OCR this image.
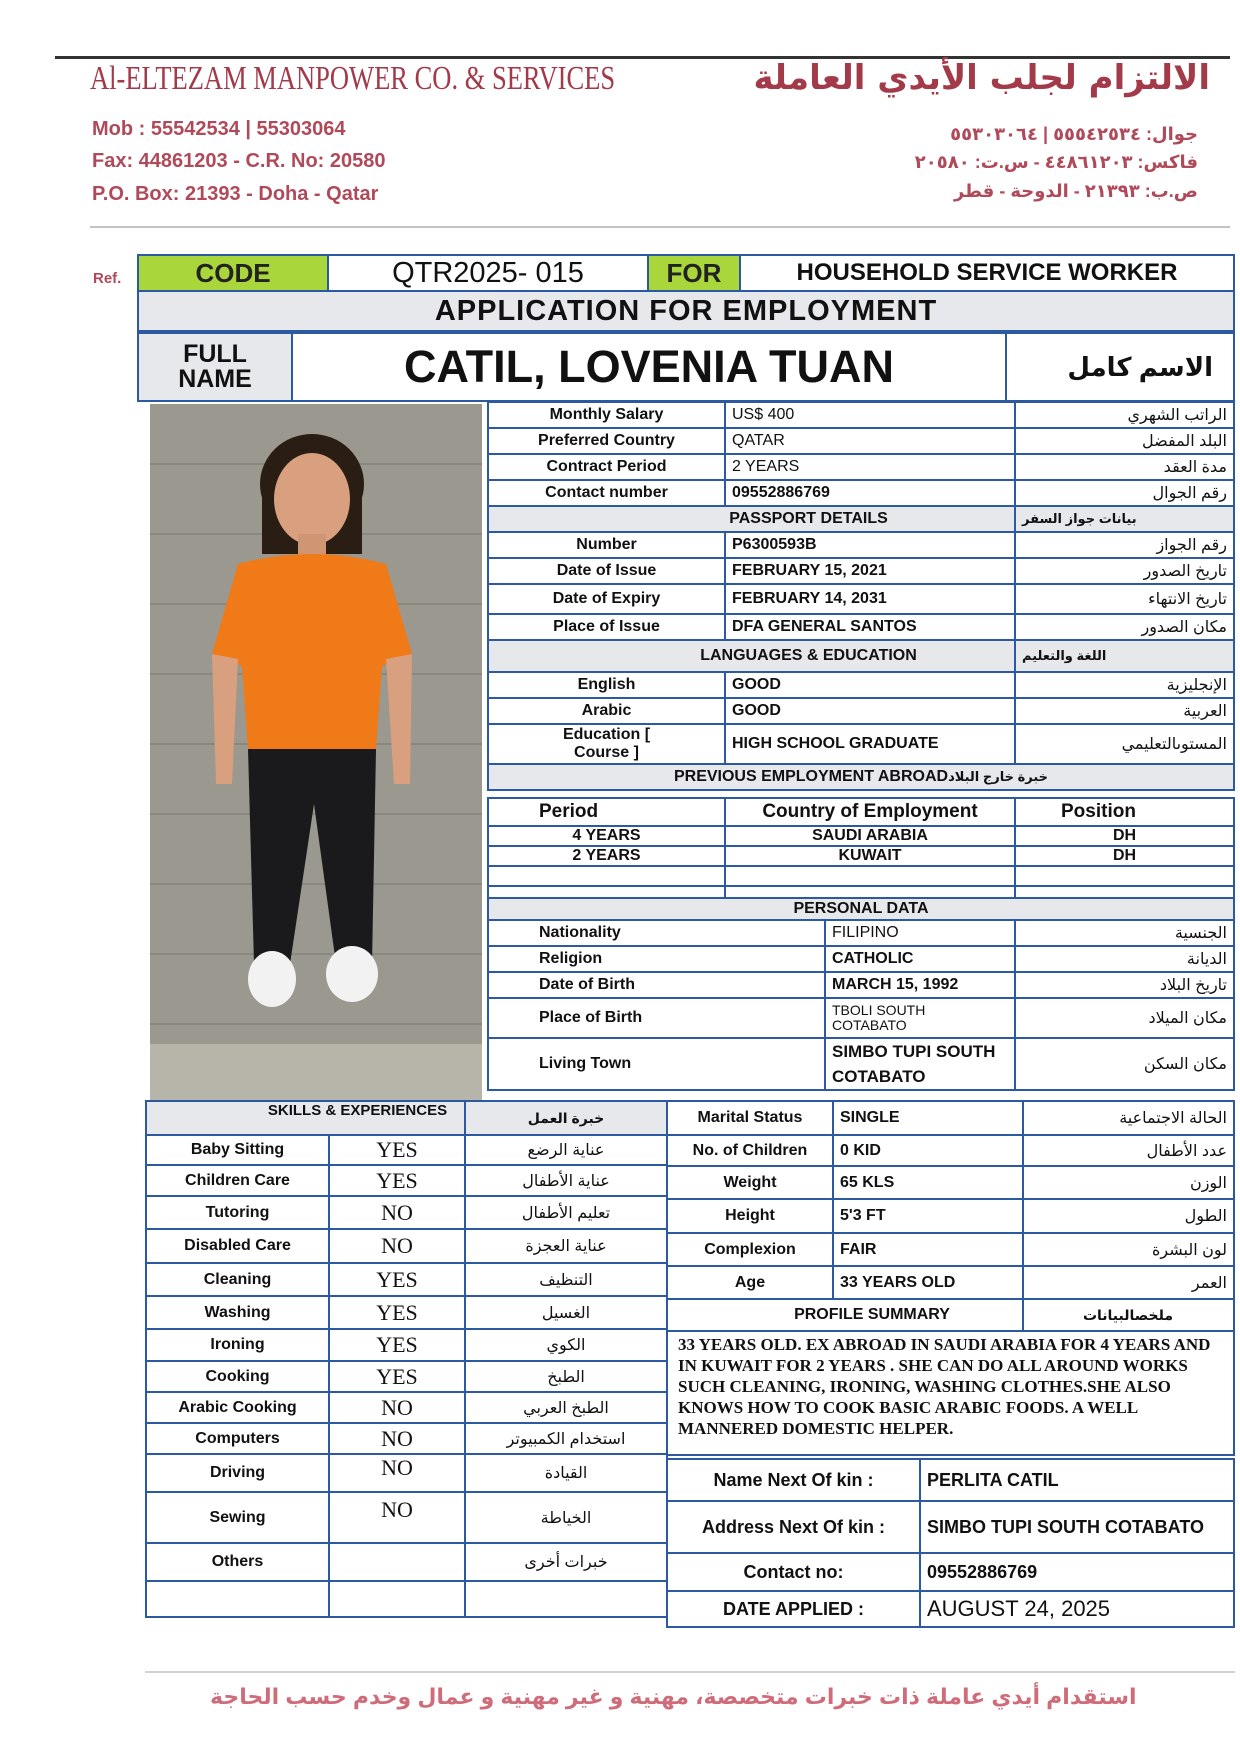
Al-ELTEZAM MANPOWER CO. & SERVICES	الالتزام لجلب الأيدي العاملة
Mob : 55542534 | 55303064
Fax: 44861203 - C.R. No: 20580
P.O. Box: 21393 - Doha - Qatar
جوال: ٥٥٥٤٢٥٣٤ | ٥٥٣٠٣٠٦٤
فاكس: ٤٤٨٦١٢٠٣ - س.ت: ٢٠٥٨٠
ص.ب: ٢١٣٩٣ - الدوحة - قطر
Ref.	CODE	QTR2025- 015	FOR	HOUSEHOLD SERVICE WORKER
APPLICATION FOR EMPLOYMENT
FULL NAME	CATIL, LOVENIA TUAN	الاسم كامل
Monthly Salary	US$ 400	الراتب الشهري
Preferred Country	QATAR	البلد المفضل
Contract Period	2 YEARS	مدة العقد
Contact number	09552886769	رقم الجوال
PASSPORT DETAILS		بيانات جواز السفر
Number	P6300593B	رقم الجواز
Date of Issue	FEBRUARY 15, 2021	تاريخ الصدور
Date of Expiry	FEBRUARY 14, 2031	تاريخ الانتهاء
Place of Issue	DFA GENERAL SANTOS	مكان الصدور
LANGUAGES & EDUCATION		اللغة والتعليم
English	GOOD	الإنجليزية
Arabic	GOOD	العربية
Education [ Course ]	HIGH SCHOOL GRADUATE	المستوىالتعليمي
PREVIOUS EMPLOYMENT ABROADخبرة خارج البلاد		
Period	Country of Employment	Position
4 YEARS	SAUDI ARABIA	DH
2 YEARS	KUWAIT	DH

PERSONAL DATA		
Nationality	FILIPINO	الجنسية
Religion	CATHOLIC	الديانة
Date of Birth	MARCH 15, 1992	تاريخ البلاد
Place of Birth	TBOLI SOUTH COTABATO	مكان الميلاد
Living Town	SIMBO TUPI SOUTH COTABATO	مكان السكن
SKILLS & EXPERIENCES		خبرة العمل
Baby Sitting	YES	عناية الرضع
Children Care	YES	عناية الأطفال
Tutoring	NO	تعليم الأطفال
Disabled Care	NO	عناية العجزة
Cleaning	YES	التنظيف
Washing	YES	الغسيل
Ironing	YES	الكوي
Cooking	YES	الطبخ
Arabic Cooking	NO	الطبخ العربي
Computers	NO	استخدام الكمبيوتر
Driving	NO	القيادة
Sewing	NO	الخياطة
Others		خبرات أخرى

Marital Status	SINGLE	الحالة الاجتماعية
No. of Children	0 KID	عدد الأطفال
Weight	65 KLS	الوزن
Height	5'3 FT	الطول
Complexion	FAIR	لون البشرة
Age	33 YEARS OLD	العمر
PROFILE SUMMARY		ملخصالبيانات
33 YEARS OLD. EX ABROAD IN SAUDI ARABIA FOR 4 YEARS AND IN KUWAIT FOR 2 YEARS . SHE CAN DO ALL AROUND WORKS SUCH CLEANING, IRONING, WASHING CLOTHES.SHE ALSO KNOWS HOW TO COOK BASIC ARABIC FOODS. A WELL MANNERED DOMESTIC HELPER.		
Name Next Of kin :	PERLITA CATIL
Address Next Of kin :	SIMBO TUPI SOUTH COTABATO
Contact no:	09552886769
DATE APPLIED :	AUGUST 24, 2025
استقدام أيدي عاملة ذات خبرات متخصصة، مهنية و غير مهنية و عمال وخدم حسب الحاجة
